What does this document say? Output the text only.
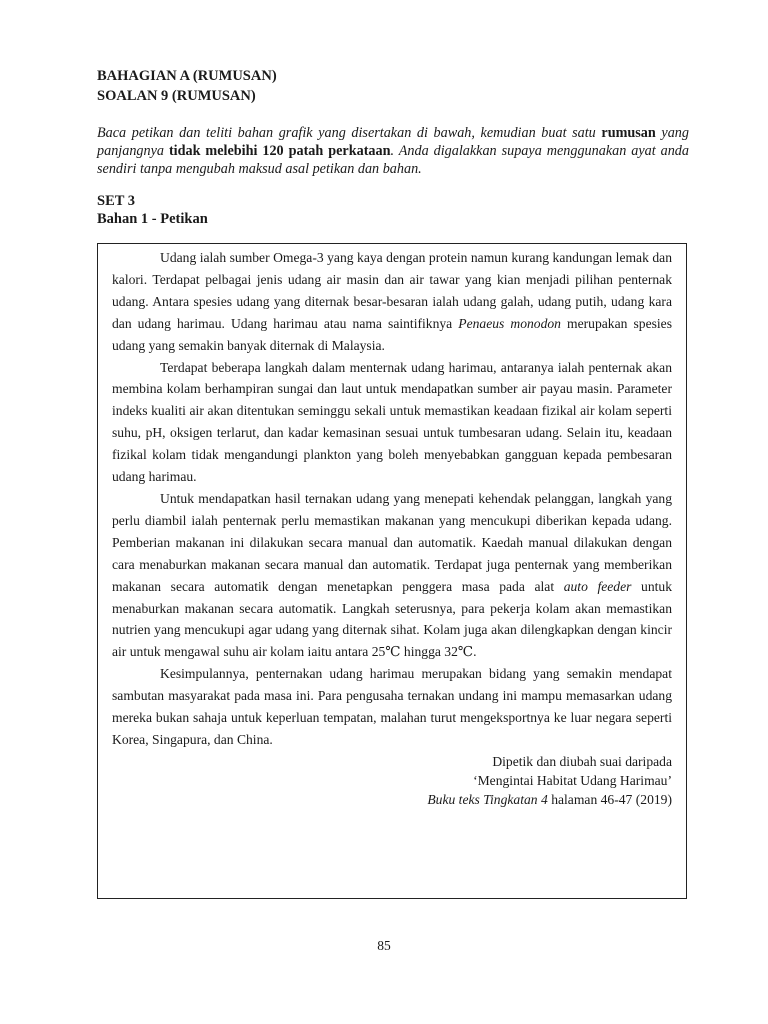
BAHAGIAN A (RUMUSAN)
SOALAN 9 (RUMUSAN)
Baca petikan dan teliti bahan grafik yang disertakan di bawah, kemudian buat satu rumusan yang panjangnya tidak melebihi 120 patah perkataan. Anda digalakkan supaya menggunakan ayat anda sendiri tanpa mengubah maksud asal petikan dan bahan.
SET 3
Bahan 1 - Petikan

Udang ialah sumber Omega-3 yang kaya dengan protein namun kurang kandungan lemak dan kalori. Terdapat pelbagai jenis udang air masin dan air tawar yang kian menjadi pilihan penternak udang. Antara spesies udang yang diternak besar-besaran ialah udang galah, udang putih, udang kara dan udang harimau. Udang harimau atau nama saintifiknya Penaeus monodon merupakan spesies udang yang semakin banyak diternak di Malaysia.

Terdapat beberapa langkah dalam menternak udang harimau, antaranya ialah penternak akan membina kolam berhampiran sungai dan laut untuk mendapatkan sumber air payau masin. Parameter indeks kualiti air akan ditentukan seminggu sekali untuk memastikan keadaan fizikal air kolam seperti suhu, pH, oksigen terlarut, dan kadar kemasinan sesuai untuk tumbesaran udang. Selain itu, keadaan fizikal kolam tidak mengandungi plankton yang boleh menyebabkan gangguan kepada pembesaran udang harimau.

Untuk mendapatkan hasil ternakan udang yang menepati kehendak pelanggan, langkah yang perlu diambil ialah penternak perlu memastikan makanan yang mencukupi diberikan kepada udang. Pemberian makanan ini dilakukan secara manual dan automatik. Kaedah manual dilakukan dengan cara menaburkan makanan secara manual dan automatik. Terdapat juga penternak yang memberikan makanan secara automatik dengan menetapkan penggera masa pada alat auto feeder untuk menaburkan makanan secara automatik. Langkah seterusnya, para pekerja kolam akan memastikan nutrien yang mencukupi agar udang yang diternak sihat. Kolam juga akan dilengkapkan dengan kincir air untuk mengawal suhu air kolam iaitu antara 25℃ hingga 32℃.

Kesimpulannya, penternakan udang harimau merupakan bidang yang semakin mendapat sambutan masyarakat pada masa ini. Para pengusaha ternakan undang ini mampu memasarkan udang mereka bukan sahaja untuk keperluan tempatan, malahan turut mengeksportnya ke luar negara seperti Korea, Singapura, dan China.

Dipetik dan diubah suai daripada
‘Mengintai Habitat Udang Harimau’
Buku teks Tingkatan 4 halaman 46-47 (2019)
85
